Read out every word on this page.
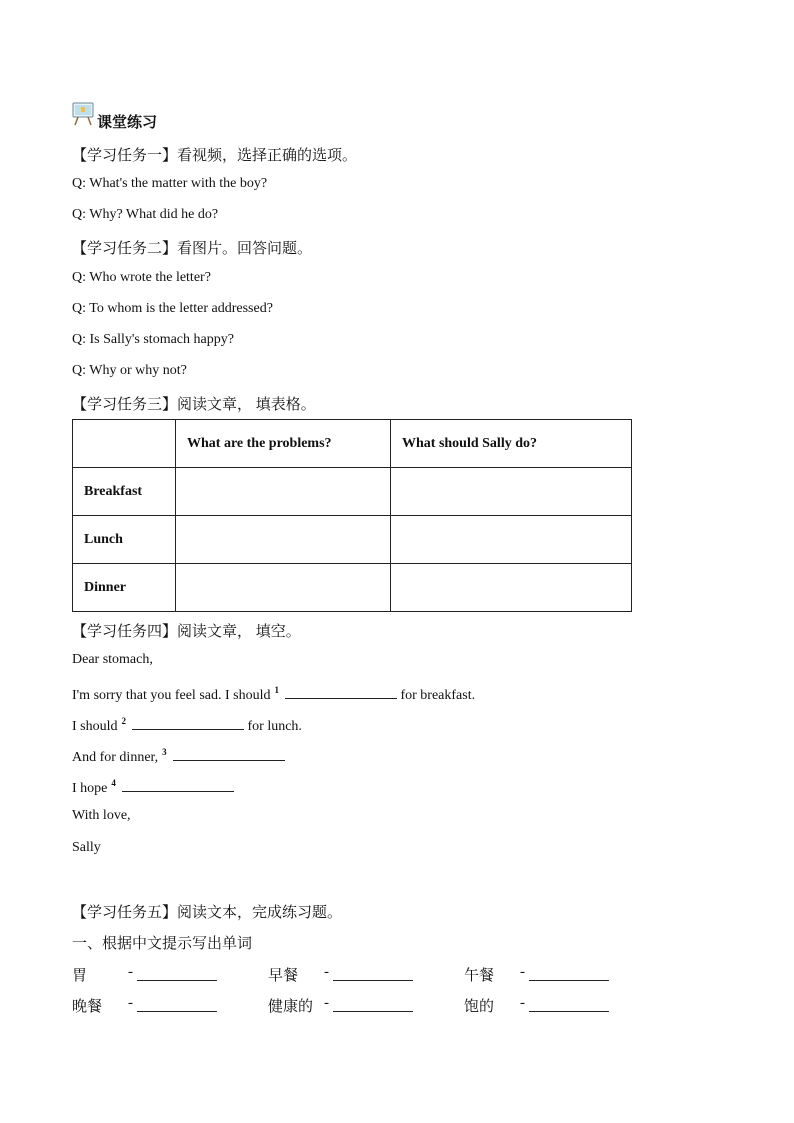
课堂练习
【学习任务一】看视频，选择正确的选项。
Q: What's the matter with the boy?
Q: Why? What did he do?
【学习任务二】看图片。回答问题。
Q: Who wrote the letter?
Q: To whom is the letter addressed?
Q: Is Sally's stomach happy?
Q: Why or why not?
【学习任务三】阅读文章， 填表格。
	What are the problems?	What should Sally do?
Breakfast		
Lunch		
Dinner		
【学习任务四】阅读文章， 填空。
Dear stomach,
I'm sorry that you feel sad. I should $^1$	for breakfast.
I should $^2$	for lunch.
And for dinner, $^3$
I hope $^4$
With love,
Sally
【学习任务五】阅读文本，完成练习题。
一、根据中文提示写出单词
胃	-	早餐 -	午餐 -
晚餐 -	健康的 -	饱的 -
